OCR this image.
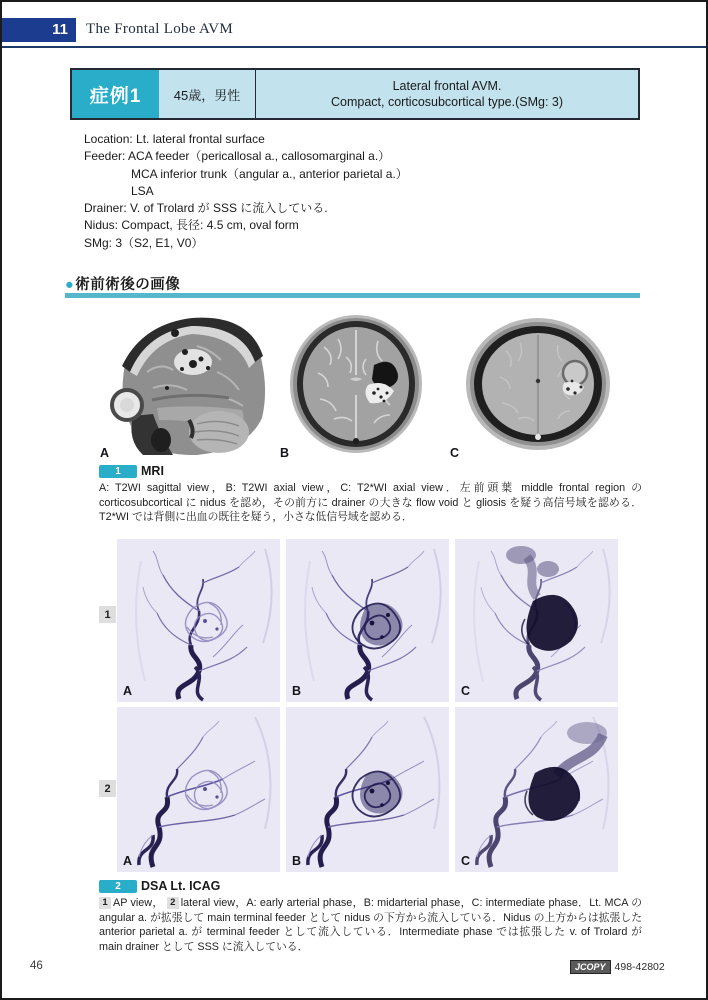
11	The Frontal Lobe AVM
症例1	45歳，男性
Lateral frontal AVM.
Compact, corticosubcortical type.(SMg: 3)
Location: Lt. lateral frontal surface
Feeder: ACA feeder（pericallosal a., callosomarginal a.）
MCA inferior trunk（angular a., anterior parietal a.）
LSA
Drainer: V. of Trolard が SSS に流入している.
Nidus: Compact, 長径: 4.5 cm, oval form
SMg: 3（S2, E1, V0）
●術前術後の画像
A	B	C
1	MRI

A: T2WI sagittal view，B: T2WI axial view，C: T2*WI axial view．左前頭葉 middle frontal region の corticosubcortical に nidus を認め，その前方に drainer の大きな flow void と gliosis を疑う高信号域を認める．T2*WI では背側に出血の既往を疑う，小さな低信号域を認める．

1
A	B	C
2
A	B	C
2	DSA Lt. ICAG

1 AP view， 2 lateral view，A: early arterial phase，B: midarterial phase，C: intermediate phase．Lt. MCA の angular a. が拡張して main terminal feeder として nidus の下方から流入している．Nidus の上方からは拡張した anterior parietal a. が terminal feeder として流入している．Intermediate phase では拡張した v. of Trolard が main drainer として SSS に流入している．

46	JCOPY 498-42802
